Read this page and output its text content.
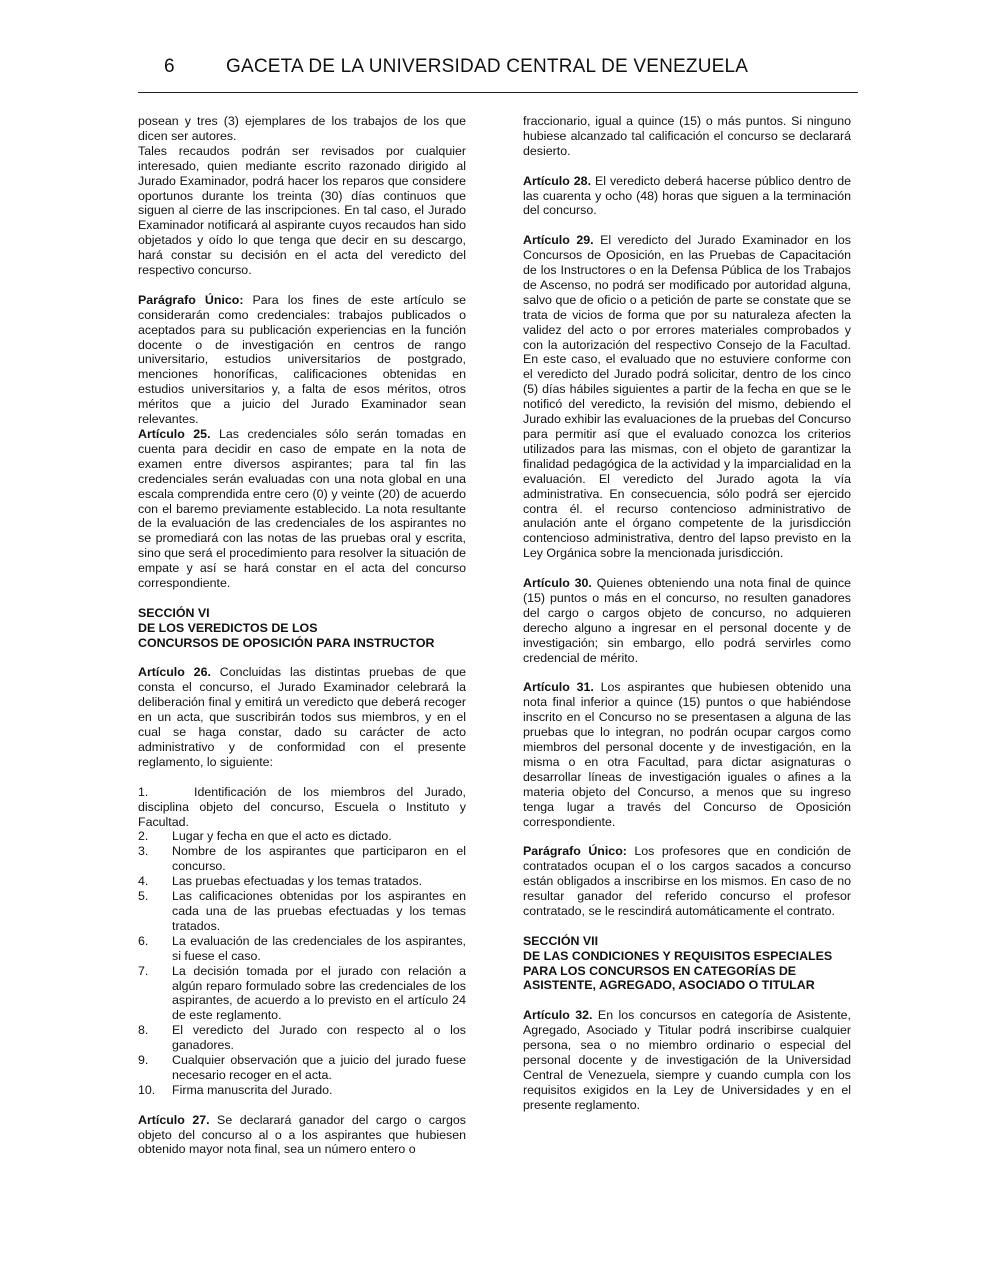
6	GACETA DE LA UNIVERSIDAD CENTRAL DE VENEZUELA

posean y tres (3) ejemplares de los trabajos de los que dicen ser autores.

Tales recaudos podrán ser revisados por cualquier interesado, quien mediante escrito razonado dirigido al Jurado Examinador, podrá hacer los reparos que considere oportunos durante los treinta (30) días continuos que siguen al cierre de las inscripciones. En tal caso, el Jurado Examinador notificará al aspirante cuyos recaudos han sido objetados y oído lo que tenga que decir en su descargo, hará constar su decisión en el acta del veredicto del respectivo concurso.

Parágrafo Único: Para los fines de este artículo se considerarán como credenciales: trabajos publicados o aceptados para su publicación experiencias en la función docente o de investigación en centros de rango universitario, estudios universitarios de postgrado, menciones honoríficas, calificaciones obtenidas en estudios universitarios y, a falta de esos méritos, otros méritos que a juicio del Jurado Examinador sean relevantes.

Artículo 25. Las credenciales sólo serán tomadas en cuenta para decidir en caso de empate en la nota de examen entre diversos aspirantes; para tal fin las credenciales serán evaluadas con una nota global en una escala comprendida entre cero (0) y veinte (20) de acuerdo con el baremo previamente establecido. La nota resultante de la evaluación de las credenciales de los aspirantes no se promediará con las notas de las pruebas oral y escrita, sino que será el procedimiento para resolver la situación de empate y así se hará constar en el acta del concurso correspondiente.

SECCIÓN VI

DE LOS VEREDICTOS DE LOS

CONCURSOS DE OPOSICIÓN PARA INSTRUCTOR

Artículo 26. Concluidas las distintas pruebas de que consta el concurso, el Jurado Examinador celebrará la deliberación final y emitirá un veredicto que deberá recoger en un acta, que suscribirán todos sus miembros, y en el cual se haga constar, dado su carácter de acto administrativo y de conformidad con el presente reglamento, lo siguiente:

1.	Identificación de los miembros del Jurado, disciplina objeto del concurso, Escuela o Instituto y Facultad.

2. Lugar y fecha en que el acto es dictado.
3. Nombre de los aspirantes que participaron en el concurso.
4. Las pruebas efectuadas y los temas tratados.
5. Las calificaciones obtenidas por los aspirantes en cada una de las pruebas efectuadas y los temas tratados.
6. La evaluación de las credenciales de los aspirantes, si fuese el caso.
7. La decisión tomada por el jurado con relación a algún reparo formulado sobre las credenciales de los aspirantes, de acuerdo a lo previsto en el artículo 24 de este reglamento.
8. El veredicto del Jurado con respecto al o los ganadores.
9. Cualquier observación que a juicio del jurado fuese necesario recoger en el acta.
10. Firma manuscrita del Jurado.

Artículo 27. Se declarará ganador del cargo o cargos objeto del concurso al o a los aspirantes que hubiesen obtenido mayor nota final, sea un número entero o

fraccionario, igual a quince (15) o más puntos. Si ninguno hubiese alcanzado tal calificación el concurso se declarará desierto.

Artículo 28. El veredicto deberá hacerse público dentro de las cuarenta y ocho (48) horas que siguen a la terminación del concurso.

Artículo 29. El veredicto del Jurado Examinador en los Concursos de Oposición, en las Pruebas de Capacitación de los Instructores o en la Defensa Pública de los Trabajos de Ascenso, no podrá ser modificado por autoridad alguna, salvo que de oficio o a petición de parte se constate que se trata de vicios de forma que por su naturaleza afecten la validez del acto o por errores materiales comprobados y con la autorización del respectivo Consejo de la Facultad. En este caso, el evaluado que no estuviere conforme con el veredicto del Jurado podrá solicitar, dentro de los cinco (5) días hábiles siguientes a partir de la fecha en que se le notificó del veredicto, la revisión del mismo, debiendo el Jurado exhibir las evaluaciones de la pruebas del Concurso para permitir así que el evaluado conozca los criterios utilizados para las mismas, con el objeto de garantizar la finalidad pedagógica de la actividad y la imparcialidad en la evaluación. El veredicto del Jurado agota la vía administrativa. En consecuencia, sólo podrá ser ejercido contra él. el recurso contencioso administrativo de anulación ante el órgano competente de la jurisdicción contencioso administrativa, dentro del lapso previsto en la Ley Orgánica sobre la mencionada jurisdicción.

Artículo 30. Quienes obteniendo una nota final de quince (15) puntos o más en el concurso, no resulten ganadores del cargo o cargos objeto de concurso, no adquieren derecho alguno a ingresar en el personal docente y de investigación; sin embargo, ello podrá servirles como credencial de mérito.

Artículo 31. Los aspirantes que hubiesen obtenido una nota final inferior a quince (15) puntos o que habiéndose inscrito en el Concurso no se presentasen a alguna de las pruebas que lo integran, no podrán ocupar cargos como miembros del personal docente y de investigación, en la misma o en otra Facultad, para dictar asignaturas o desarrollar líneas de investigación iguales o afines a la materia objeto del Concurso, a menos que su ingreso tenga lugar a través del Concurso de Oposición correspondiente.

Parágrafo Único: Los profesores que en condición de contratados ocupan el o los cargos sacados a concurso están obligados a inscribirse en los mismos. En caso de no resultar ganador del referido concurso el profesor contratado, se le rescindirá automáticamente el contrato.

SECCIÓN VII

DE LAS CONDICIONES Y REQUISITOS ESPECIALES

PARA LOS CONCURSOS EN CATEGORÍAS DE

ASISTENTE, AGREGADO, ASOCIADO O TITULAR

Artículo 32. En los concursos en categoría de Asistente, Agregado, Asociado y Titular podrá inscribirse cualquier persona, sea o no miembro ordinario o especial del personal docente y de investigación de la Universidad Central de Venezuela, siempre y cuando cumpla con los requisitos exigidos en la Ley de Universidades y en el presente reglamento.
